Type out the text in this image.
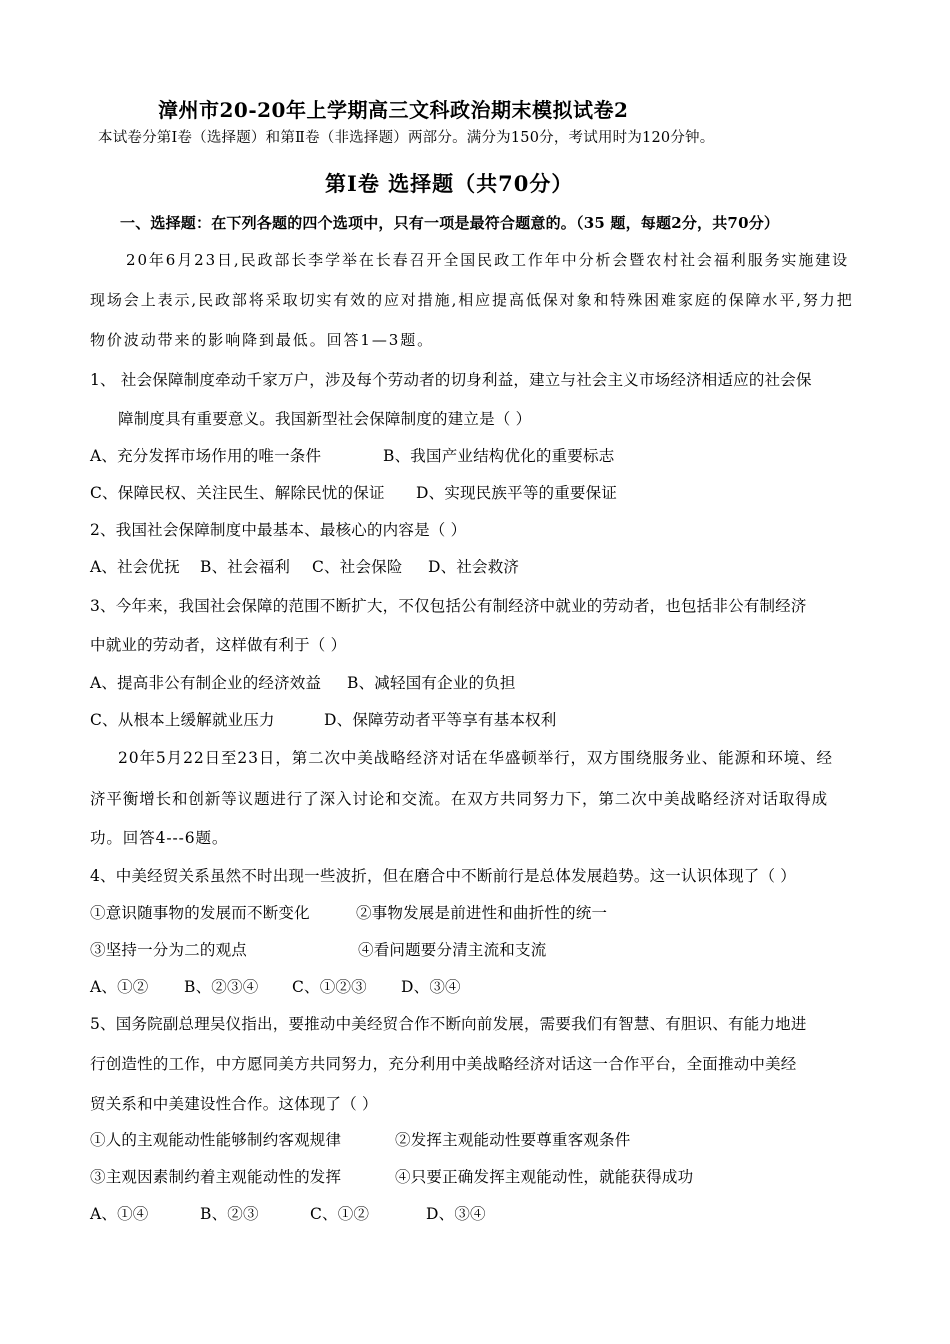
漳州市20-20年上学期高三文科政治期末模拟试卷2
本试卷分第Ⅰ卷（选择题）和第Ⅱ卷（非选择题）两部分。满分为150分，考试用时为120分钟。
第Ⅰ卷 选择题（共70分）
一、选择题：在下列各题的四个选项中，只有一项是最符合题意的。（35 题，每题2分，共70分）
20年6月23日,民政部长李学举在长春召开全国民政工作年中分析会暨农村社会福利服务实施建设
现场会上表示,民政部将采取切实有效的应对措施,相应提高低保对象和特殊困难家庭的保障水平,努力把
物价波动带来的影响降到最低。回答1—3题。
1、 社会保障制度牵动千家万户，涉及每个劳动者的切身利益，建立与社会主义市场经济相适应的社会保
障制度具有重要意义。我国新型社会保障制度的建立是（ ）
A、充分发挥市场作用的唯一条件	B、我国产业结构优化的重要标志
C、保障民权、关注民生、解除民忧的保证 D、实现民族平等的重要保证
2、我国社会保障制度中最基本、最核心的内容是（ ）
A、社会优抚 B、社会福利 C、社会保险 D、社会救济
3、今年来，我国社会保障的范围不断扩大，不仅包括公有制经济中就业的劳动者，也包括非公有制经济
中就业的劳动者，这样做有利于（ ）
A、提高非公有制企业的经济效益 B、减轻国有企业的负担
C、从根本上缓解就业压力	D、保障劳动者平等享有基本权利
20年5月22日至23日，第二次中美战略经济对话在华盛顿举行，双方围绕服务业、能源和环境、经
济平衡增长和创新等议题进行了深入讨论和交流。在双方共同努力下，第二次中美战略经济对话取得成
功。回答4---6题。
4、中美经贸关系虽然不时出现一些波折，但在磨合中不断前行是总体发展趋势。这一认识体现了（ ）
①意识随事物的发展而不断变化	②事物发展是前进性和曲折性的统一
③坚持一分为二的观点	④看问题要分清主流和支流
A、①② B、②③④ C、①②③ D、③④
5、国务院副总理吴仪指出，要推动中美经贸合作不断向前发展，需要我们有智慧、有胆识、有能力地进
行创造性的工作，中方愿同美方共同努力，充分利用中美战略经济对话这一合作平台，全面推动中美经
贸关系和中美建设性合作。这体现了（ ）
①人的主观能动性能够制约客观规律	②发挥主观能动性要尊重客观条件
③主观因素制约着主观能动性的发挥	④只要正确发挥主观能动性，就能获得成功
A、①④	B、②③	C、①②	D、③④
